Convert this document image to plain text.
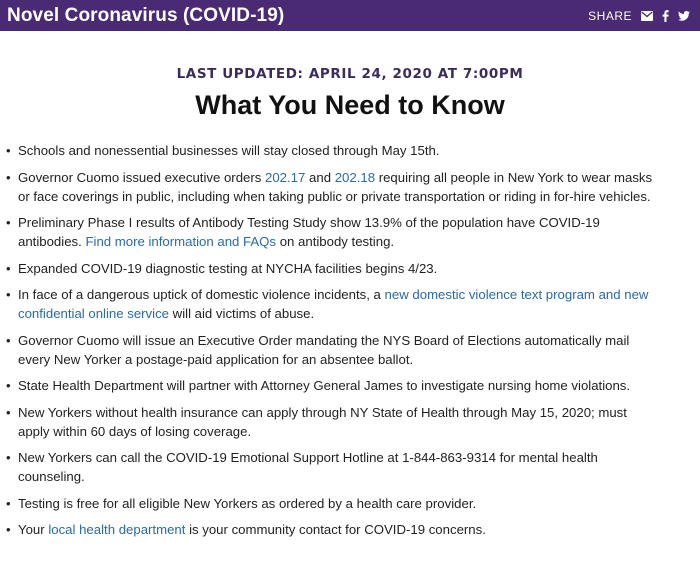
Novel Coronavirus (COVID-19)	SHARE
LAST UPDATED: APRIL 24, 2020 AT 7:00PM
What You Need to Know
• Schools and nonessential businesses will stay closed through May 15th.
• Governor Cuomo issued executive orders 202.17 and 202.18 requiring all people in New York to wear masks or face coverings in public, including when taking public or private transportation or riding in for-hire vehicles.
• Preliminary Phase I results of Antibody Testing Study show 13.9% of the population have COVID-19 antibodies. Find more information and FAQs on antibody testing.
• Expanded COVID-19 diagnostic testing at NYCHA facilities begins 4/23.
• In face of a dangerous uptick of domestic violence incidents, a new domestic violence text program and new confidential online service will aid victims of abuse.
• Governor Cuomo will issue an Executive Order mandating the NYS Board of Elections automatically mail every New Yorker a postage-paid application for an absentee ballot.
• State Health Department will partner with Attorney General James to investigate nursing home violations.
• New Yorkers without health insurance can apply through NY State of Health through May 15, 2020; must apply within 60 days of losing coverage.
• New Yorkers can call the COVID-19 Emotional Support Hotline at 1-844-863-9314 for mental health counseling.
• Testing is free for all eligible New Yorkers as ordered by a health care provider.
• Your local health department is your community contact for COVID-19 concerns.
